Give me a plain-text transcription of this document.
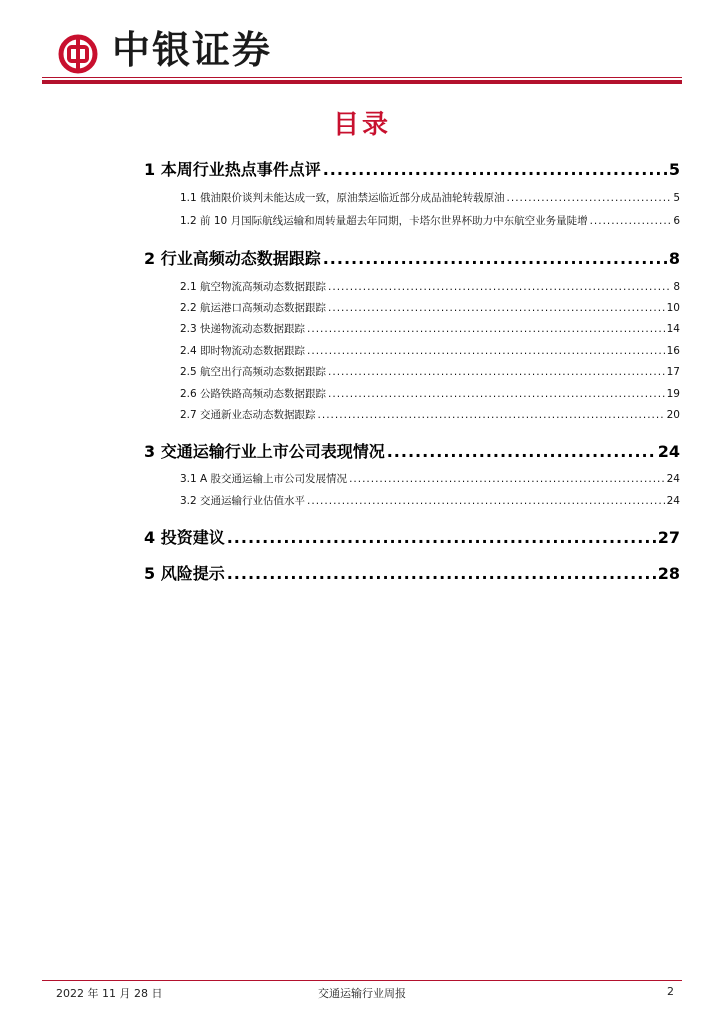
中银证券
目录
1 本周行业热点事件点评 .....	5
1.1 俄油限价谈判未能达成一致，原油禁运临近部分成品油轮转载原油 .....	5
1.2 前 10 月国际航线运输和周转量超去年同期，卡塔尔世界杯助力中东航空业务量陡增 .....	6
2 行业高频动态数据跟踪 .....	8
2.1 航空物流高频动态数据跟踪 .....	8
2.2 航运港口高频动态数据跟踪 .....	10
2.3 快递物流动态数据跟踪 .....	14
2.4 即时物流动态数据跟踪 .....	16
2.5 航空出行高频动态数据跟踪 .....	17
2.6 公路铁路高频动态数据跟踪 .....	19
2.7 交通新业态动态数据跟踪 .....	20
3 交通运输行业上市公司表现情况 .....	24
3.1 A 股交通运输上市公司发展情况 .....	24
3.2 交通运输行业估值水平 .....	24
4 投资建议 .....	27
5 风险提示 .....	28
2022 年 11 月 28 日	交通运输行业周报	2
